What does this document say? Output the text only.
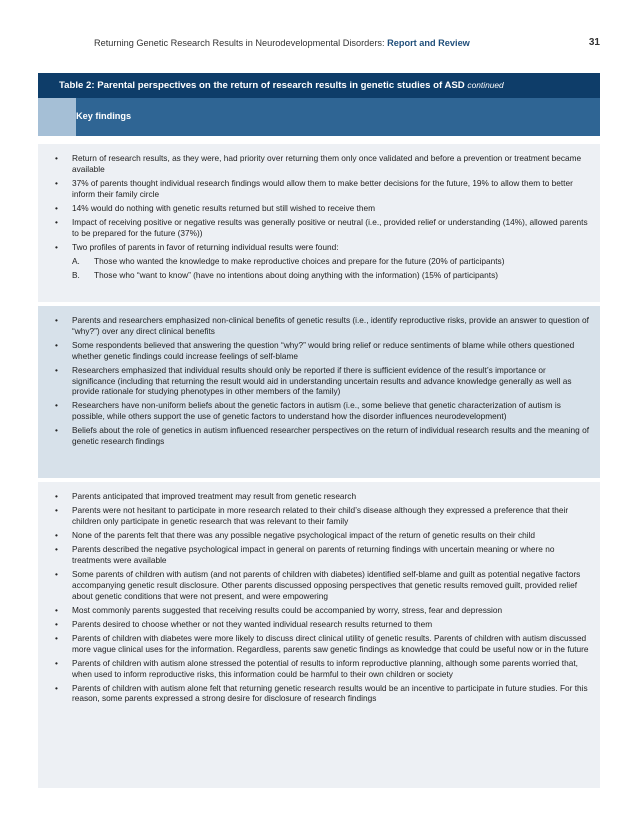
Returning Genetic Research Results in Neurodevelopmental Disorders: Report and Review	31
Table 2: Parental perspectives on the return of research results in genetic studies of ASD continued
Key findings
• Return of research results, as they were, had priority over returning them only once validated and before a prevention or treatment became available
• 37% of parents thought individual research findings would allow them to make better decisions for the future, 19% to allow them to better inform their family circle
• 14% would do nothing with genetic results returned but still wished to receive them
• Impact of receiving positive or negative results was generally positive or neutral (i.e., provided relief or understanding (14%), allowed parents to be prepared for the future (37%))
• Two profiles of parents in favor of returning individual results were found:
A. Those who wanted the knowledge to make reproductive choices and prepare for the future (20% of participants)
B. Those who “want to know” (have no intentions about doing anything with the information) (15% of participants)
• Parents and researchers emphasized non-clinical benefits of genetic results (i.e., identify reproductive risks, provide an answer to question of “why?”) over any direct clinical benefits
• Some respondents believed that answering the question “why?” would bring relief or reduce sentiments of blame while others questioned whether genetic findings could increase feelings of self-blame
• Researchers emphasized that individual results should only be reported if there is sufficient evidence of the result’s importance or significance (including that returning the result would aid in understanding uncertain results and advance knowledge generally as well as provide rationale for studying phenotypes in other members of the family)
• Researchers have non-uniform beliefs about the genetic factors in autism (i.e., some believe that genetic characterization of autism is possible, while others support the use of genetic factors to understand how the disorder influences neurodevelopment)
• Beliefs about the role of genetics in autism influenced researcher perspectives on the return of individual research results and the meaning of genetic research findings
• Parents anticipated that improved treatment may result from genetic research
• Parents were not hesitant to participate in more research related to their child’s disease although they expressed a preference that their children only participate in genetic research that was relevant to their family
• None of the parents felt that there was any possible negative psychological impact of the return of genetic results on their child
• Parents described the negative psychological impact in general on parents of returning findings with uncertain meaning or where no treatments were available
• Some parents of children with autism (and not parents of children with diabetes) identified self-blame and guilt as potential negative factors accompanying genetic result disclosure. Other parents discussed opposing perspectives that genetic results removed guilt, provided relief about genetic conditions that were not present, and were empowering
• Most commonly parents suggested that receiving results could be accompanied by worry, stress, fear and depression
• Parents desired to choose whether or not they wanted individual research results returned to them
• Parents of children with diabetes were more likely to discuss direct clinical utility of genetic results. Parents of children with autism discussed more vague clinical uses for the information. Regardless, parents saw genetic findings as knowledge that could be useful now or in the future
• Parents of children with autism alone stressed the potential of results to inform reproductive planning, although some parents worried that, when used to inform reproductive risks, this information could be harmful to their own children or society
• Parents of children with autism alone felt that returning genetic research results would be an incentive to participate in future studies. For this reason, some parents expressed a strong desire for disclosure of research findings
